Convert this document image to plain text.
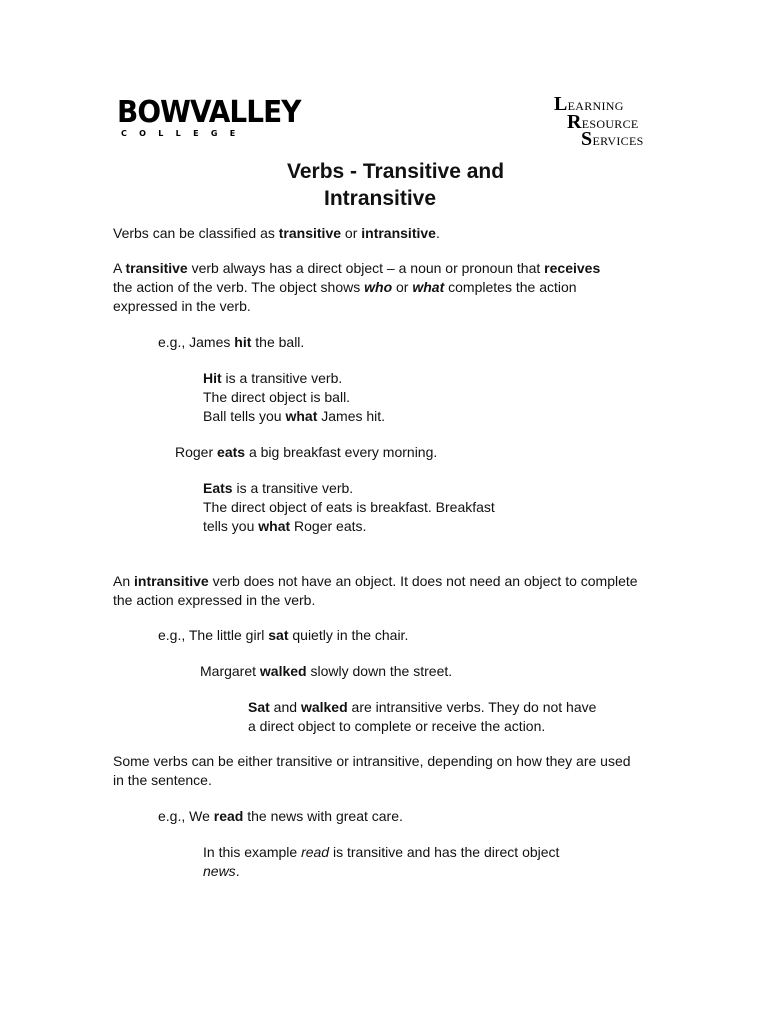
BOWVALLEY
COLLEGE
LEARNING
RESOURCE
SERVICES
Verbs - Transitive and
Intransitive
Verbs can be classified as transitive or intransitive.
A transitive verb always has a direct object – a noun or pronoun that receives
the action of the verb. The object shows who or what completes the action
expressed in the verb.
e.g., James hit the ball.
Hit is a transitive verb.
The direct object is ball.
Ball tells you what James hit.
Roger eats a big breakfast every morning.
Eats is a transitive verb.
The direct object of eats is breakfast. Breakfast
tells you what Roger eats.
An intransitive verb does not have an object. It does not need an object to complete
the action expressed in the verb.
e.g., The little girl sat quietly in the chair.
Margaret walked slowly down the street.
Sat and walked are intransitive verbs. They do not have
a direct object to complete or receive the action.
Some verbs can be either transitive or intransitive, depending on how they are used
in the sentence.
e.g., We read the news with great care.
In this example read is transitive and has the direct object
news.
